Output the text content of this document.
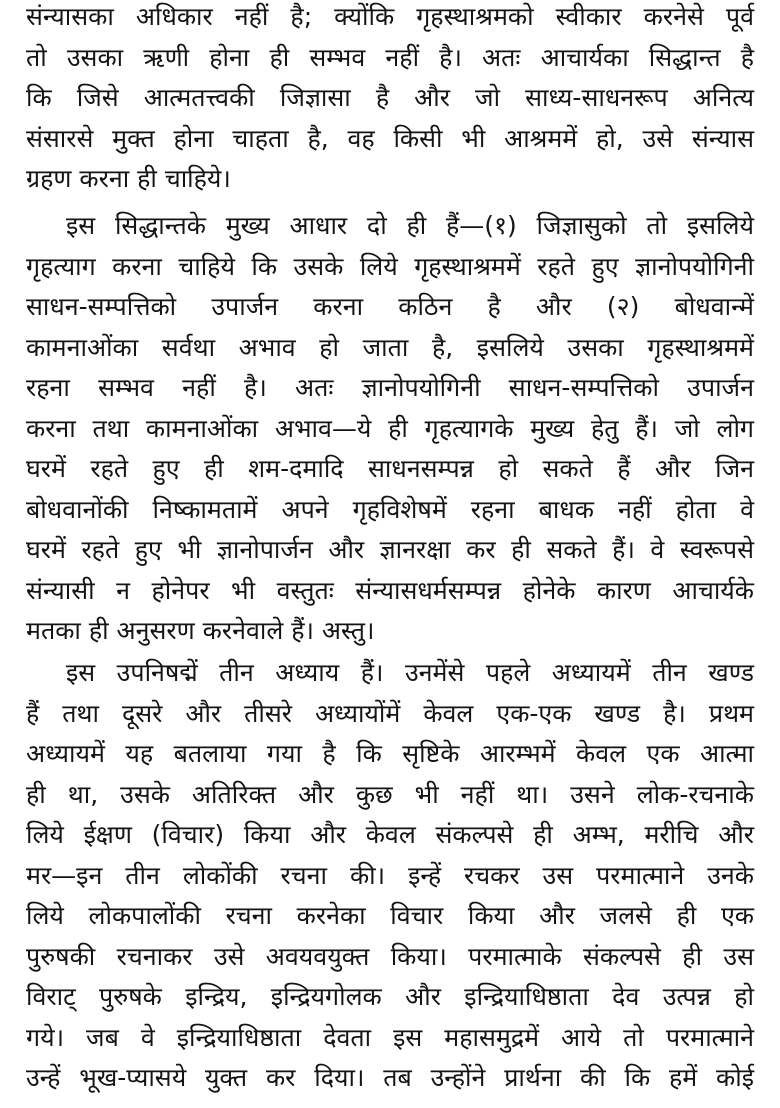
संन्यासका अधिकार नहीं है; क्योंकि गृहस्थाश्रमको स्वीकार करनेसे पूर्व
तो उसका ऋणी होना ही सम्भव नहीं है। अतः आचार्यका सिद्धान्त है
कि जिसे आत्मतत्त्वकी जिज्ञासा है और जो साध्य-साधनरूप अनित्य
संसारसे मुक्त होना चाहता है, वह किसी भी आश्रममें हो, उसे संन्यास
ग्रहण करना ही चाहिये।
इस सिद्धान्तके मुख्य आधार दो ही हैं—(१) जिज्ञासुको तो इसलिये
गृहत्याग करना चाहिये कि उसके लिये गृहस्थाश्रममें रहते हुए ज्ञानोपयोगिनी
साधन-सम्पत्तिको उपार्जन करना कठिन है और (२) बोधवान्में
कामनाओंका सर्वथा अभाव हो जाता है, इसलिये उसका गृहस्थाश्रममें
रहना सम्भव नहीं है। अतः ज्ञानोपयोगिनी साधन-सम्पत्तिको उपार्जन
करना तथा कामनाओंका अभाव—ये ही गृहत्यागके मुख्य हेतु हैं। जो लोग
घरमें रहते हुए ही शम-दमादि साधनसम्पन्न हो सकते हैं और जिन
बोधवानोंकी निष्कामतामें अपने गृहविशेषमें रहना बाधक नहीं होता वे
घरमें रहते हुए भी ज्ञानोपार्जन और ज्ञानरक्षा कर ही सकते हैं। वे स्वरूपसे
संन्यासी न होनेपर भी वस्तुतः संन्यासधर्मसम्पन्न होनेके कारण आचार्यके
मतका ही अनुसरण करनेवाले हैं। अस्तु।
इस उपनिषद्में तीन अध्याय हैं। उनमेंसे पहले अध्यायमें तीन खण्ड
हैं तथा दूसरे और तीसरे अध्यायोंमें केवल एक-एक खण्ड है। प्रथम
अध्यायमें यह बतलाया गया है कि सृष्टिके आरम्भमें केवल एक आत्मा
ही था, उसके अतिरिक्त और कुछ भी नहीं था। उसने लोक-रचनाके
लिये ईक्षण (विचार) किया और केवल संकल्पसे ही अम्भ, मरीचि और
मर—इन तीन लोकोंकी रचना की। इन्हें रचकर उस परमात्माने उनके
लिये लोकपालोंकी रचना करनेका विचार किया और जलसे ही एक
पुरुषकी रचनाकर उसे अवयवयुक्त किया। परमात्माके संकल्पसे ही उस
विराट् पुरुषके इन्द्रिय, इन्द्रियगोलक और इन्द्रियाधिष्ठाता देव उत्पन्न हो
गये। जब वे इन्द्रियाधिष्ठाता देवता इस महासमुद्रमें आये तो परमात्माने
उन्हें भूख-प्यासये युक्त कर दिया। तब उन्होंने प्रार्थना की कि हमें कोई
